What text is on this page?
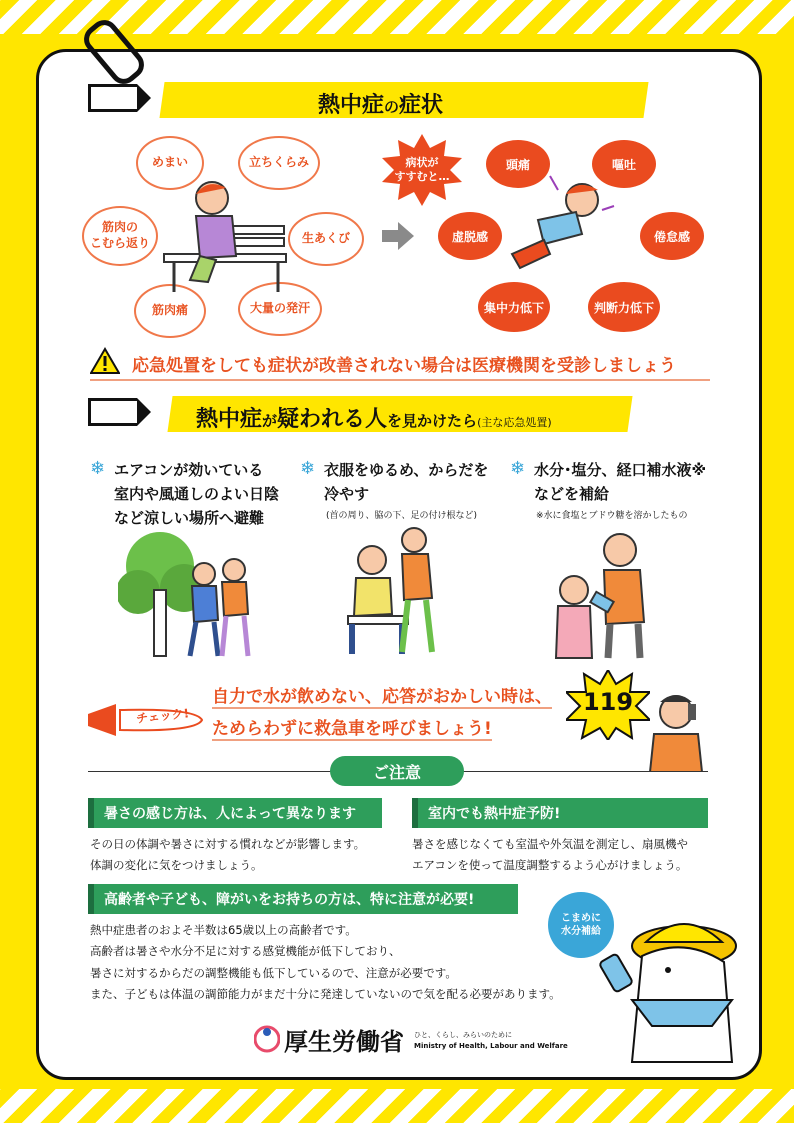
熱中症の症状
めまい	立ちくらみ
筋肉の
こむら返り	生あくび
筋肉痛	大量の発汗
病状が
すすむと…
頭痛	嘔吐
虚脱感	倦怠感
集中力低下	判断力低下
応急処置をしても症状が改善されない場合は医療機関を受診しましょう
熱中症が疑われる人を見かけたら(主な応急処置)
❄ エアコンが効いている
室内や風通しのよい日陰
など涼しい場所へ避難
❄ 衣服をゆるめ、からだを
冷やす
(首の周り、脇の下、足の付け根など)
❄ 水分･塩分、経口補水液※
などを補給
※水に食塩とブドウ糖を溶かしたもの
チェック!
自力で水が飲めない、応答がおかしい時は、
ためらわずに救急車を呼びましょう!
119
ご注意
暑さの感じ方は、人によって異なります
その日の体調や暑さに対する慣れなどが影響します。
体調の変化に気をつけましょう。
室内でも熱中症予防!
暑さを感じなくても室温や外気温を測定し、扇風機や
エアコンを使って温度調整するよう心がけましょう。
高齢者や子ども、障がいをお持ちの方は、特に注意が必要!
熱中症患者のおよそ半数は65歳以上の高齢者です。
高齢者は暑さや水分不足に対する感覚機能が低下しており、
暑さに対するからだの調整機能も低下しているので、注意が必要です。
また、子どもは体温の調節能力がまだ十分に発達していないので気を配る必要があります。
こまめに
水分補給
厚生労働省 ひと、くらし、みらいのために
Ministry of Health, Labour and Welfare
